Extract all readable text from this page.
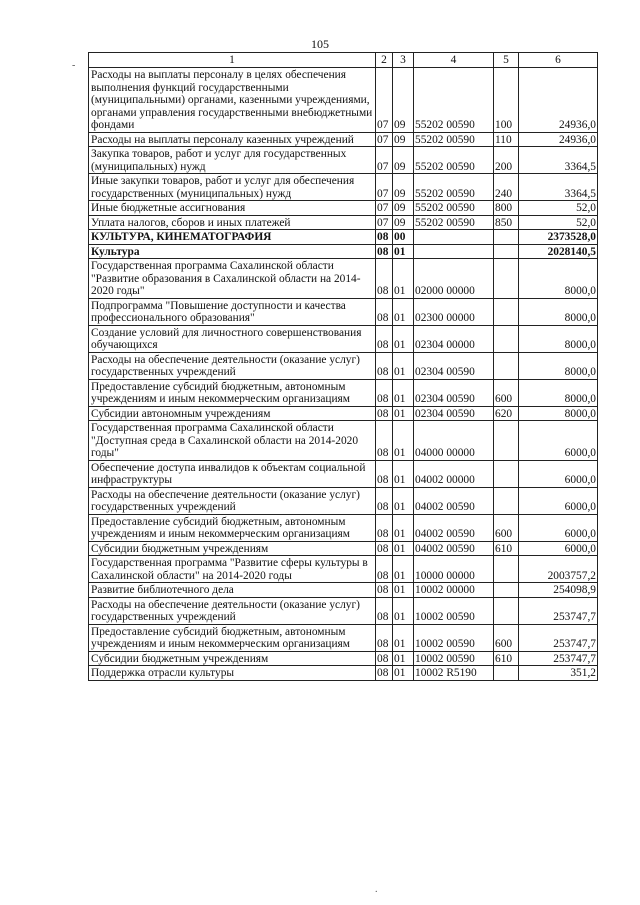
105
-
.
1	2	3	4	5	6
Расходы на выплаты персоналу в целях обеспечения выполнения функций государственными (муниципальными) органами, казенными учреждениями, органами управления государственными внебюджетными фондами	07	09	55202 00590	100	24936,0
Расходы на выплаты персоналу казенных учреждений	07	09	55202 00590	110	24936,0
Закупка товаров, работ и услуг для государственных (муниципальных) нужд	07	09	55202 00590	200	3364,5
Иные закупки товаров, работ и услуг для обеспечения государственных (муниципальных) нужд	07	09	55202 00590	240	3364,5
Иные бюджетные ассигнования	07	09	55202 00590	800	52,0
Уплата налогов, сборов и иных платежей	07	09	55202 00590	850	52,0
КУЛЬТУРА, КИНЕМАТОГРАФИЯ	08	00			2373528,0
Культура	08	01			2028140,5
Государственная программа Сахалинской области "Развитие образования в Сахалинской области на 2014-2020 годы"	08	01	02000 00000		8000,0
Подпрограмма "Повышение доступности и качества профессионального образования"	08	01	02300 00000		8000,0
Создание условий для личностного совершенствования обучающихся	08	01	02304 00000		8000,0
Расходы на обеспечение деятельности (оказание услуг) государственных учреждений	08	01	02304 00590		8000,0
Предоставление субсидий бюджетным, автономным учреждениям и иным некоммерческим организациям	08	01	02304 00590	600	8000,0
Субсидии автономным учреждениям	08	01	02304 00590	620	8000,0
Государственная программа Сахалинской области "Доступная среда в Сахалинской области на 2014-2020 годы"	08	01	04000 00000		6000,0
Обеспечение доступа инвалидов к объектам социальной инфраструктуры	08	01	04002 00000		6000,0
Расходы на обеспечение деятельности (оказание услуг) государственных учреждений	08	01	04002 00590		6000,0
Предоставление субсидий бюджетным, автономным учреждениям и иным некоммерческим организациям	08	01	04002 00590	600	6000,0
Субсидии бюджетным учреждениям	08	01	04002 00590	610	6000,0
Государственная программа "Развитие сферы культуры в Сахалинской области" на 2014-2020 годы	08	01	10000 00000		2003757,2
Развитие библиотечного дела	08	01	10002 00000		254098,9
Расходы на обеспечение деятельности (оказание услуг) государственных учреждений	08	01	10002 00590		253747,7
Предоставление субсидий бюджетным, автономным учреждениям и иным некоммерческим организациям	08	01	10002 00590	600	253747,7
Субсидии бюджетным учреждениям	08	01	10002 00590	610	253747,7
Поддержка отрасли культуры	08	01	10002 R5190		351,2
